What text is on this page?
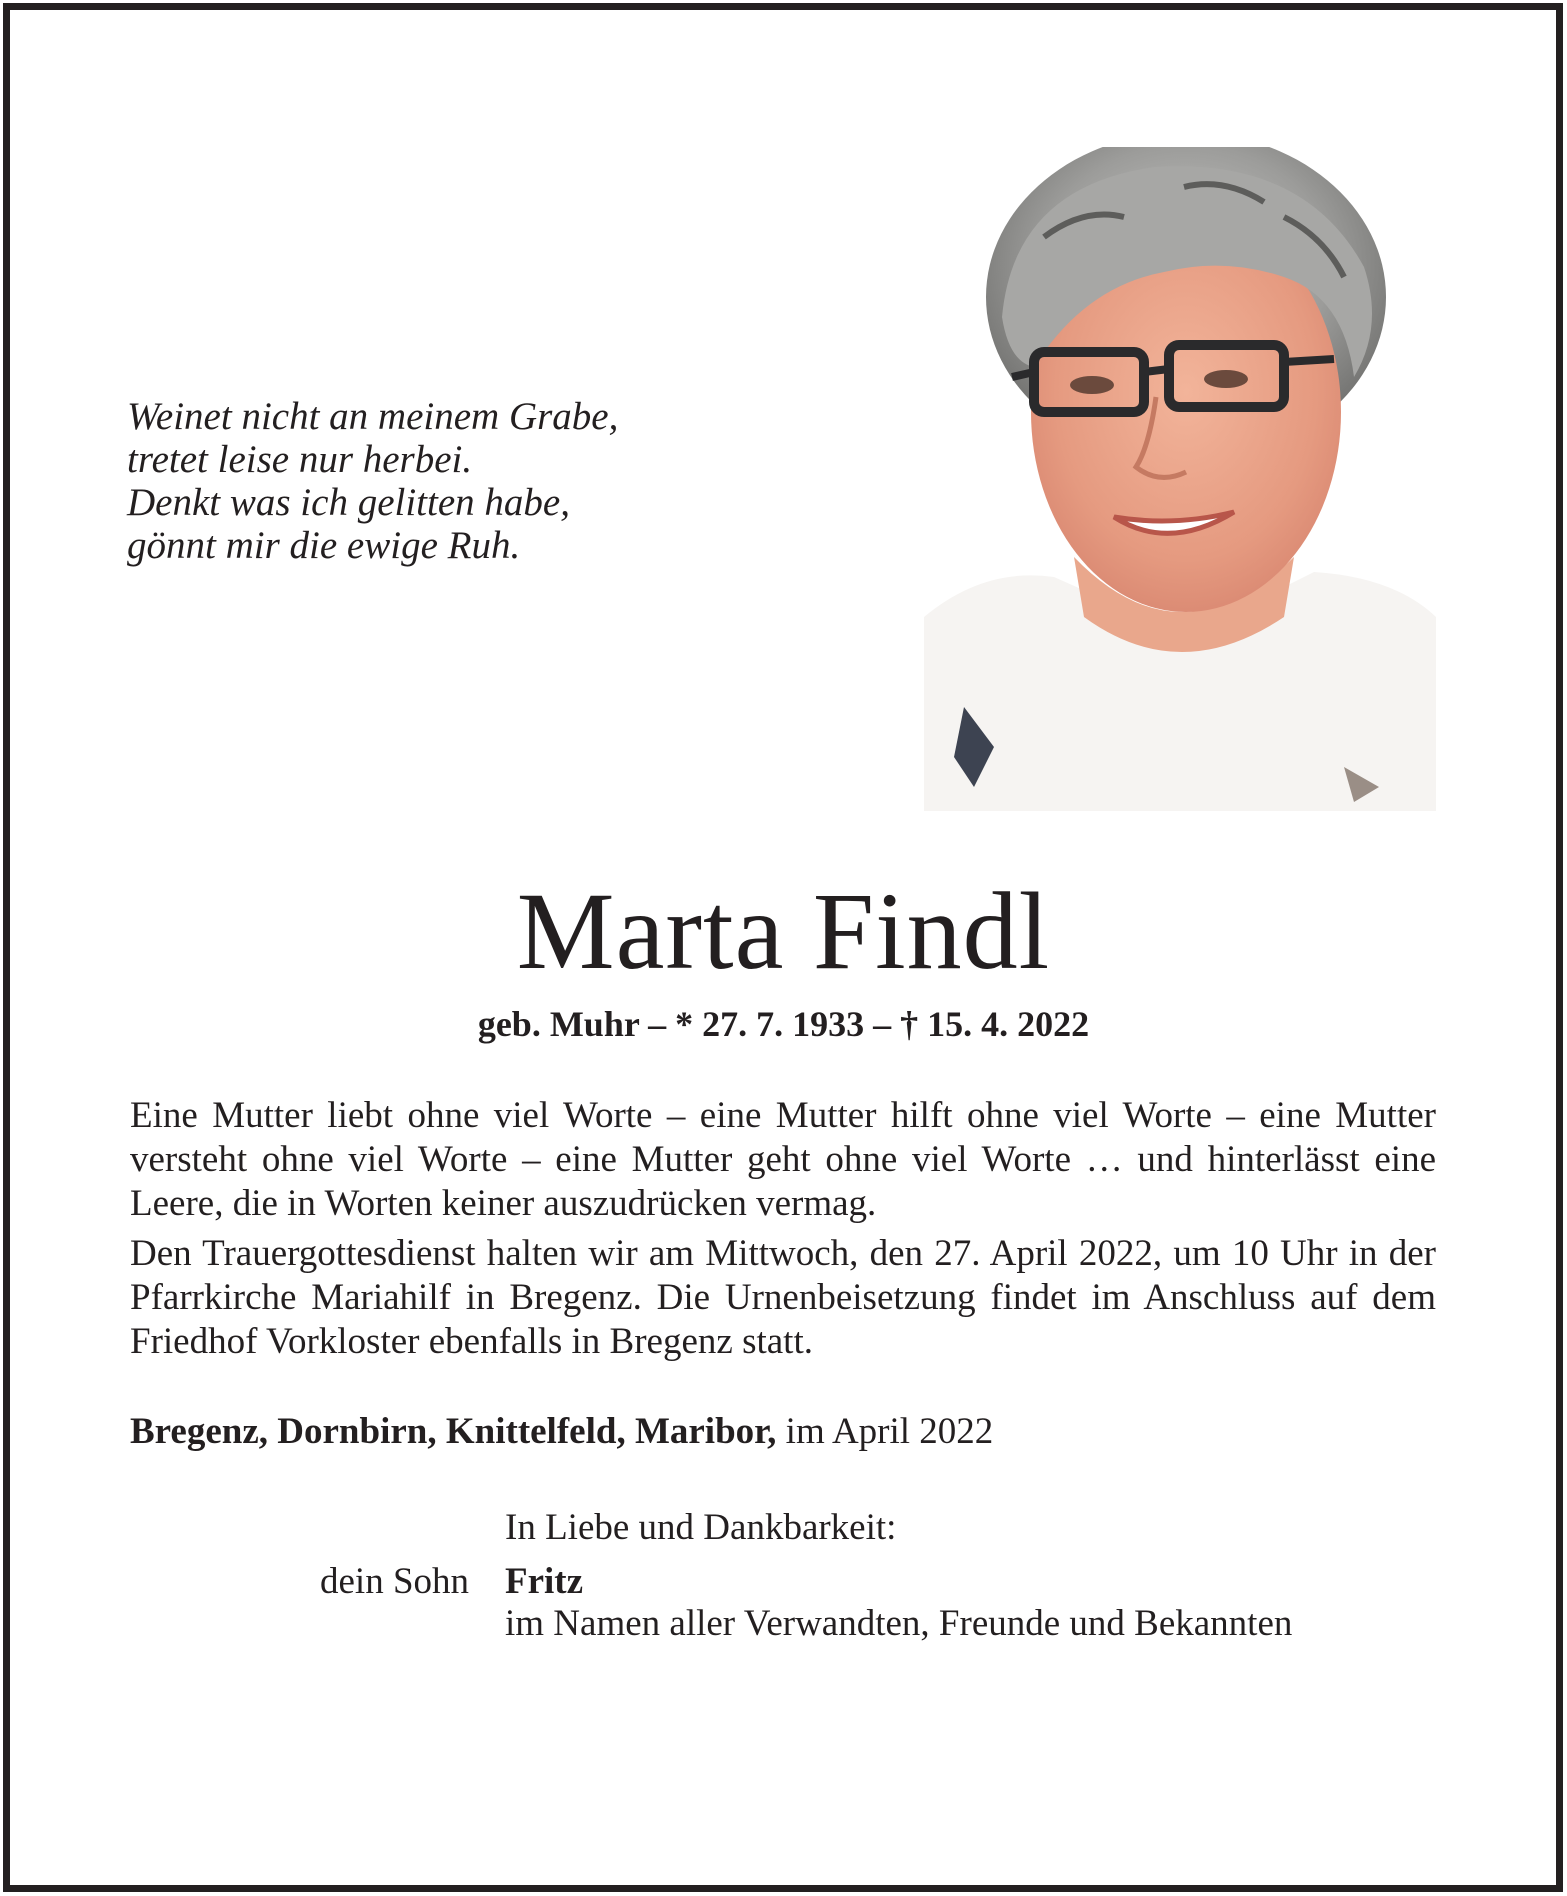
Weinet nicht an meinem Grabe,
tretet leise nur herbei.
Denkt was ich gelitten habe,
gönnt mir die ewige Ruh.
Marta Findl
geb. Muhr – * 27. 7. 1933 – † 15. 4. 2022
Eine Mutter liebt ohne viel Worte – eine Mutter hilft ohne viel Worte – eine Mutter versteht ohne viel Worte – eine Mutter geht ohne viel Worte … und hinterlässt eine Leere, die in Worten keiner auszudrücken vermag.
Den Trauergottesdienst halten wir am Mittwoch, den 27. April 2022, um 10 Uhr in der Pfarrkirche Mariahilf in Bregenz. Die Urnenbeisetzung findet im Anschluss auf dem Friedhof Vorkloster ebenfalls in Bregenz statt.
Bregenz, Dornbirn, Knittelfeld, Maribor, im April 2022
In Liebe und Dankbarkeit:
dein Sohn Fritz
im Namen aller Verwandten, Freunde und Bekannten
